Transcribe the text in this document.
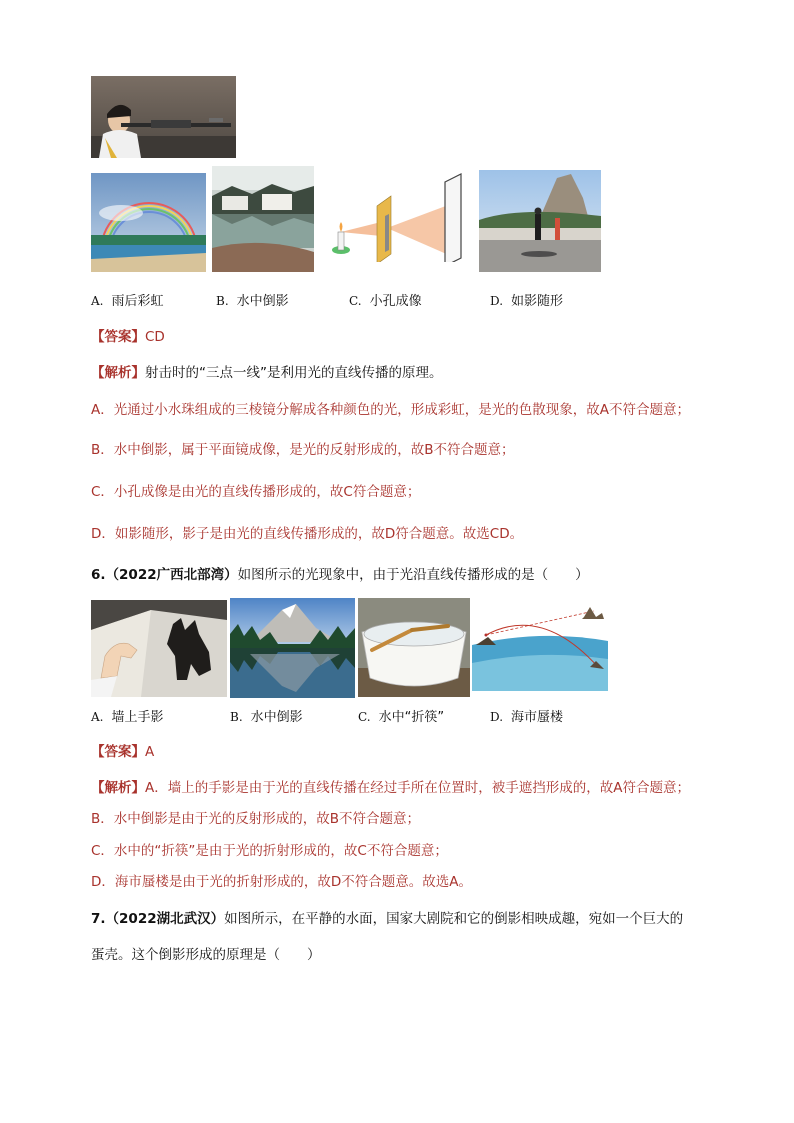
A. 雨后彩虹	B. 水中倒影	C. 小孔成像	D. 如影随形
【答案】CD
【解析】射击时的“三点一线”是利用光的直线传播的原理。
A．光通过小水珠组成的三棱镜分解成各种颜色的光，形成彩虹，是光的色散现象，故A不符合题意；
B．水中倒影，属于平面镜成像，是光的反射形成的，故B不符合题意；
C．小孔成像是由光的直线传播形成的，故C符合题意；
D．如影随形，影子是由光的直线传播形成的，故D符合题意。故选CD。
6.（2022广西北部湾）如图所示的光现象中，由于光沿直线传播形成的是（　　）
A. 墙上手影	B. 水中倒影	C. 水中“折筷”	D. 海市蜃楼
【答案】A
【解析】A．墙上的手影是由于光的直线传播在经过手所在位置时，被手遮挡形成的，故A符合题意；
B．水中倒影是由于光的反射形成的，故B不符合题意；
C．水中的“折筷”是由于光的折射形成的，故C不符合题意；
D．海市蜃楼是由于光的折射形成的，故D不符合题意。故选A。
7.（2022湖北武汉）如图所示，在平静的水面，国家大剧院和它的倒影相映成趣，宛如一个巨大的
蛋壳。这个倒影形成的原理是（　　）
